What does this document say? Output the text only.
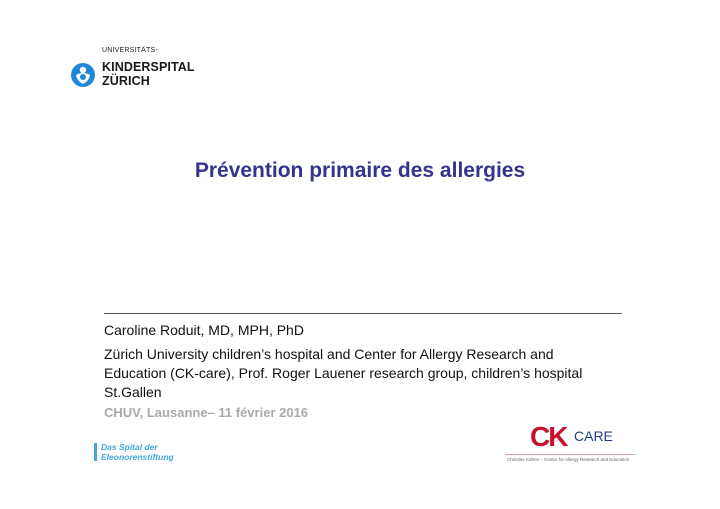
UNIVERSITÄTS-
KINDERSPITAL
ZÜRICH
Prévention primaire des allergies
Caroline Roduit, MD, MPH, PhD
Zürich University children’s hospital and Center for Allergy Research and Education (CK-care), Prof. Roger Lauener research group, children’s hospital St.Gallen
CHUV, Lausanne– 11 février 2016
Das Spital der
Eleonorenstiftung
CK CARE
Christine Kühne – Center for Allergy Research and Education
